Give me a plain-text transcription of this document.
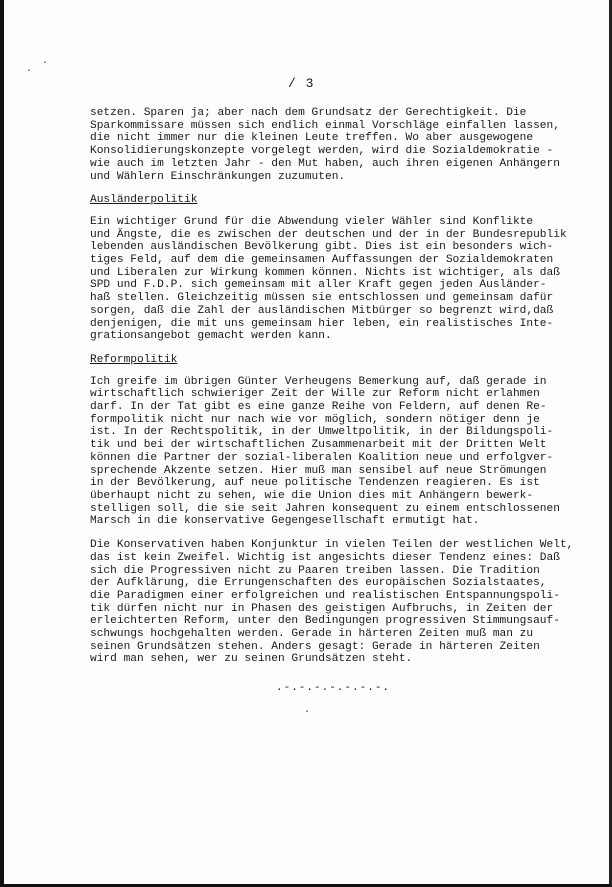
·
·
·
/ 3
setzen. Sparen ja; aber nach dem Grundsatz der Gerechtigkeit. Die
Sparkommissare müssen sich endlich einmal Vorschläge einfallen lassen,
die nicht immer nur die kleinen Leute treffen. Wo aber ausgewogene
Konsolidierungskonzepte vorgelegt werden, wird die Sozialdemokratie -
wie auch im letzten Jahr - den Mut haben, auch ihren eigenen Anhängern
und Wählern Einschränkungen zuzumuten.
Ausländerpolitik
Ein wichtiger Grund für die Abwendung vieler Wähler sind Konflikte
und Ängste, die es zwischen der deutschen und der in der Bundesrepublik
lebenden ausländischen Bevölkerung gibt. Dies ist ein besonders wich-
tiges Feld, auf dem die gemeinsamen Auffassungen der Sozialdemokraten
und Liberalen zur Wirkung kommen können. Nichts ist wichtiger, als daß
SPD und F.D.P. sich gemeinsam mit aller Kraft gegen jeden Ausländer-
haß stellen. Gleichzeitig müssen sie entschlossen und gemeinsam dafür
sorgen, daß die Zahl der ausländischen Mitbürger so begrenzt wird,daß
denjenigen, die mit uns gemeinsam hier leben, ein realistisches Inte-
grationsangebot gemacht werden kann.
Reformpolitik
Ich greife im übrigen Günter Verheugens Bemerkung auf, daß gerade in
wirtschaftlich schwieriger Zeit der Wille zur Reform nicht erlahmen
darf. In der Tat gibt es eine ganze Reihe von Feldern, auf denen Re-
formpolitik nicht nur nach wie vor möglich, sondern nötiger denn je
ist. In der Rechtspolitik, in der Umweltpolitik, in der Bildungspoli-
tik und bei der wirtschaftlichen Zusammenarbeit mit der Dritten Welt
können die Partner der sozial-liberalen Koalition neue und erfolgver-
sprechende Akzente setzen. Hier muß man sensibel auf neue Strömungen
in der Bevölkerung, auf neue politische Tendenzen reagieren. Es ist
überhaupt nicht zu sehen, wie die Union dies mit Anhängern bewerk-
stelligen soll, die sie seit Jahren konsequent zu einem entschlossenen
Marsch in die konservative Gegengesellschaft ermutigt hat.
Die Konservativen haben Konjunktur in vielen Teilen der westlichen Welt,
das ist kein Zweifel. Wichtig ist angesichts dieser Tendenz eines: Daß
sich die Progressiven nicht zu Paaren treiben lassen. Die Tradition
der Aufklärung, die Errungenschaften des europäischen Sozialstaates,
die Paradigmen einer erfolgreichen und realistischen Entspannungspoli-
tik dürfen nicht nur in Phasen des geistigen Aufbruchs, in Zeiten der
erleichterten Reform, unter den Bedingungen progressiven Stimmungsauf-
schwungs hochgehalten werden. Gerade in härteren Zeiten muß man zu
seinen Grundsätzen stehen. Anders gesagt: Gerade in härteren Zeiten
wird man sehen, wer zu seinen Grundsätzen steht.
.-.-.-.-.-.-.-.
